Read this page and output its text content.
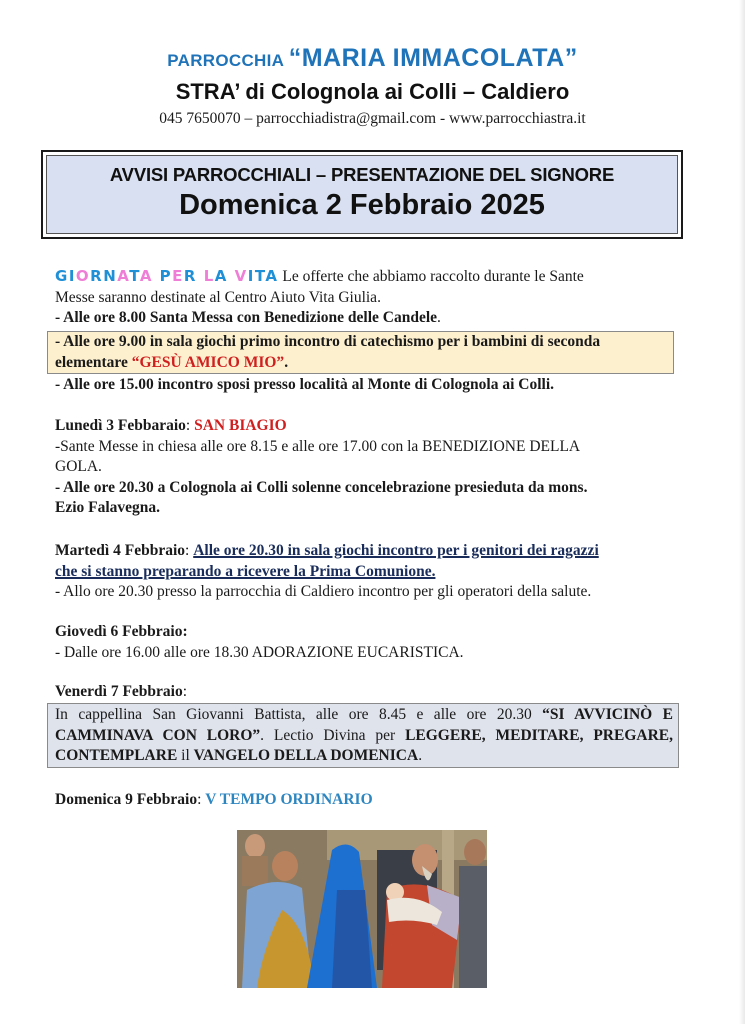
PARROCCHIA “MARIA IMMACOLATA”
STRA’ di Colognola ai Colli – Caldiero
045 7650070 – parrocchiadistra@gmail.com - www.parrocchiastra.it
AVVISI PARROCCHIALI – PRESENTAZIONE DEL SIGNORE
Domenica 2 Febbraio 2025
GIORNATA PER LA VITA Le offerte che abbiamo raccolto durante le Sante
Messe saranno destinate al Centro Aiuto Vita Giulia.
- Alle ore 8.00 Santa Messa con Benedizione delle Candele.
- Alle ore 9.00 in sala giochi primo incontro di catechismo per i bambini di seconda
elementare “GESÙ AMICO MIO”.
- Alle ore 15.00 incontro sposi presso località al Monte di Colognola ai Colli.
Lunedì 3 Febbaraio: SAN BIAGIO
-Sante Messe in chiesa alle ore 8.15 e alle ore 17.00 con la BENEDIZIONE DELLA
GOLA.
- Alle ore 20.30 a Colognola ai Colli solenne concelebrazione presieduta da mons.
Ezio Falavegna.
Martedì 4 Febbraio: Alle ore 20.30 in sala giochi incontro per i genitori dei ragazzi
che si stanno preparando a ricevere la Prima Comunione.
- Allo ore 20.30 presso la parrocchia di Caldiero incontro per gli operatori della salute.
Giovedì 6 Febbraio:
- Dalle ore 16.00 alle ore 18.30 ADORAZIONE EUCARISTICA.
Venerdì 7 Febbraio:
In cappellina San Giovanni Battista, alle ore 8.45 e alle ore 20.30 “SI AVVICINÒ E CAMMINAVA CON LORO”. Lectio Divina per LEGGERE, MEDITARE, PREGARE, CONTEMPLARE il VANGELO DELLA DOMENICA.
Domenica 9 Febbraio: V TEMPO ORDINARIO
